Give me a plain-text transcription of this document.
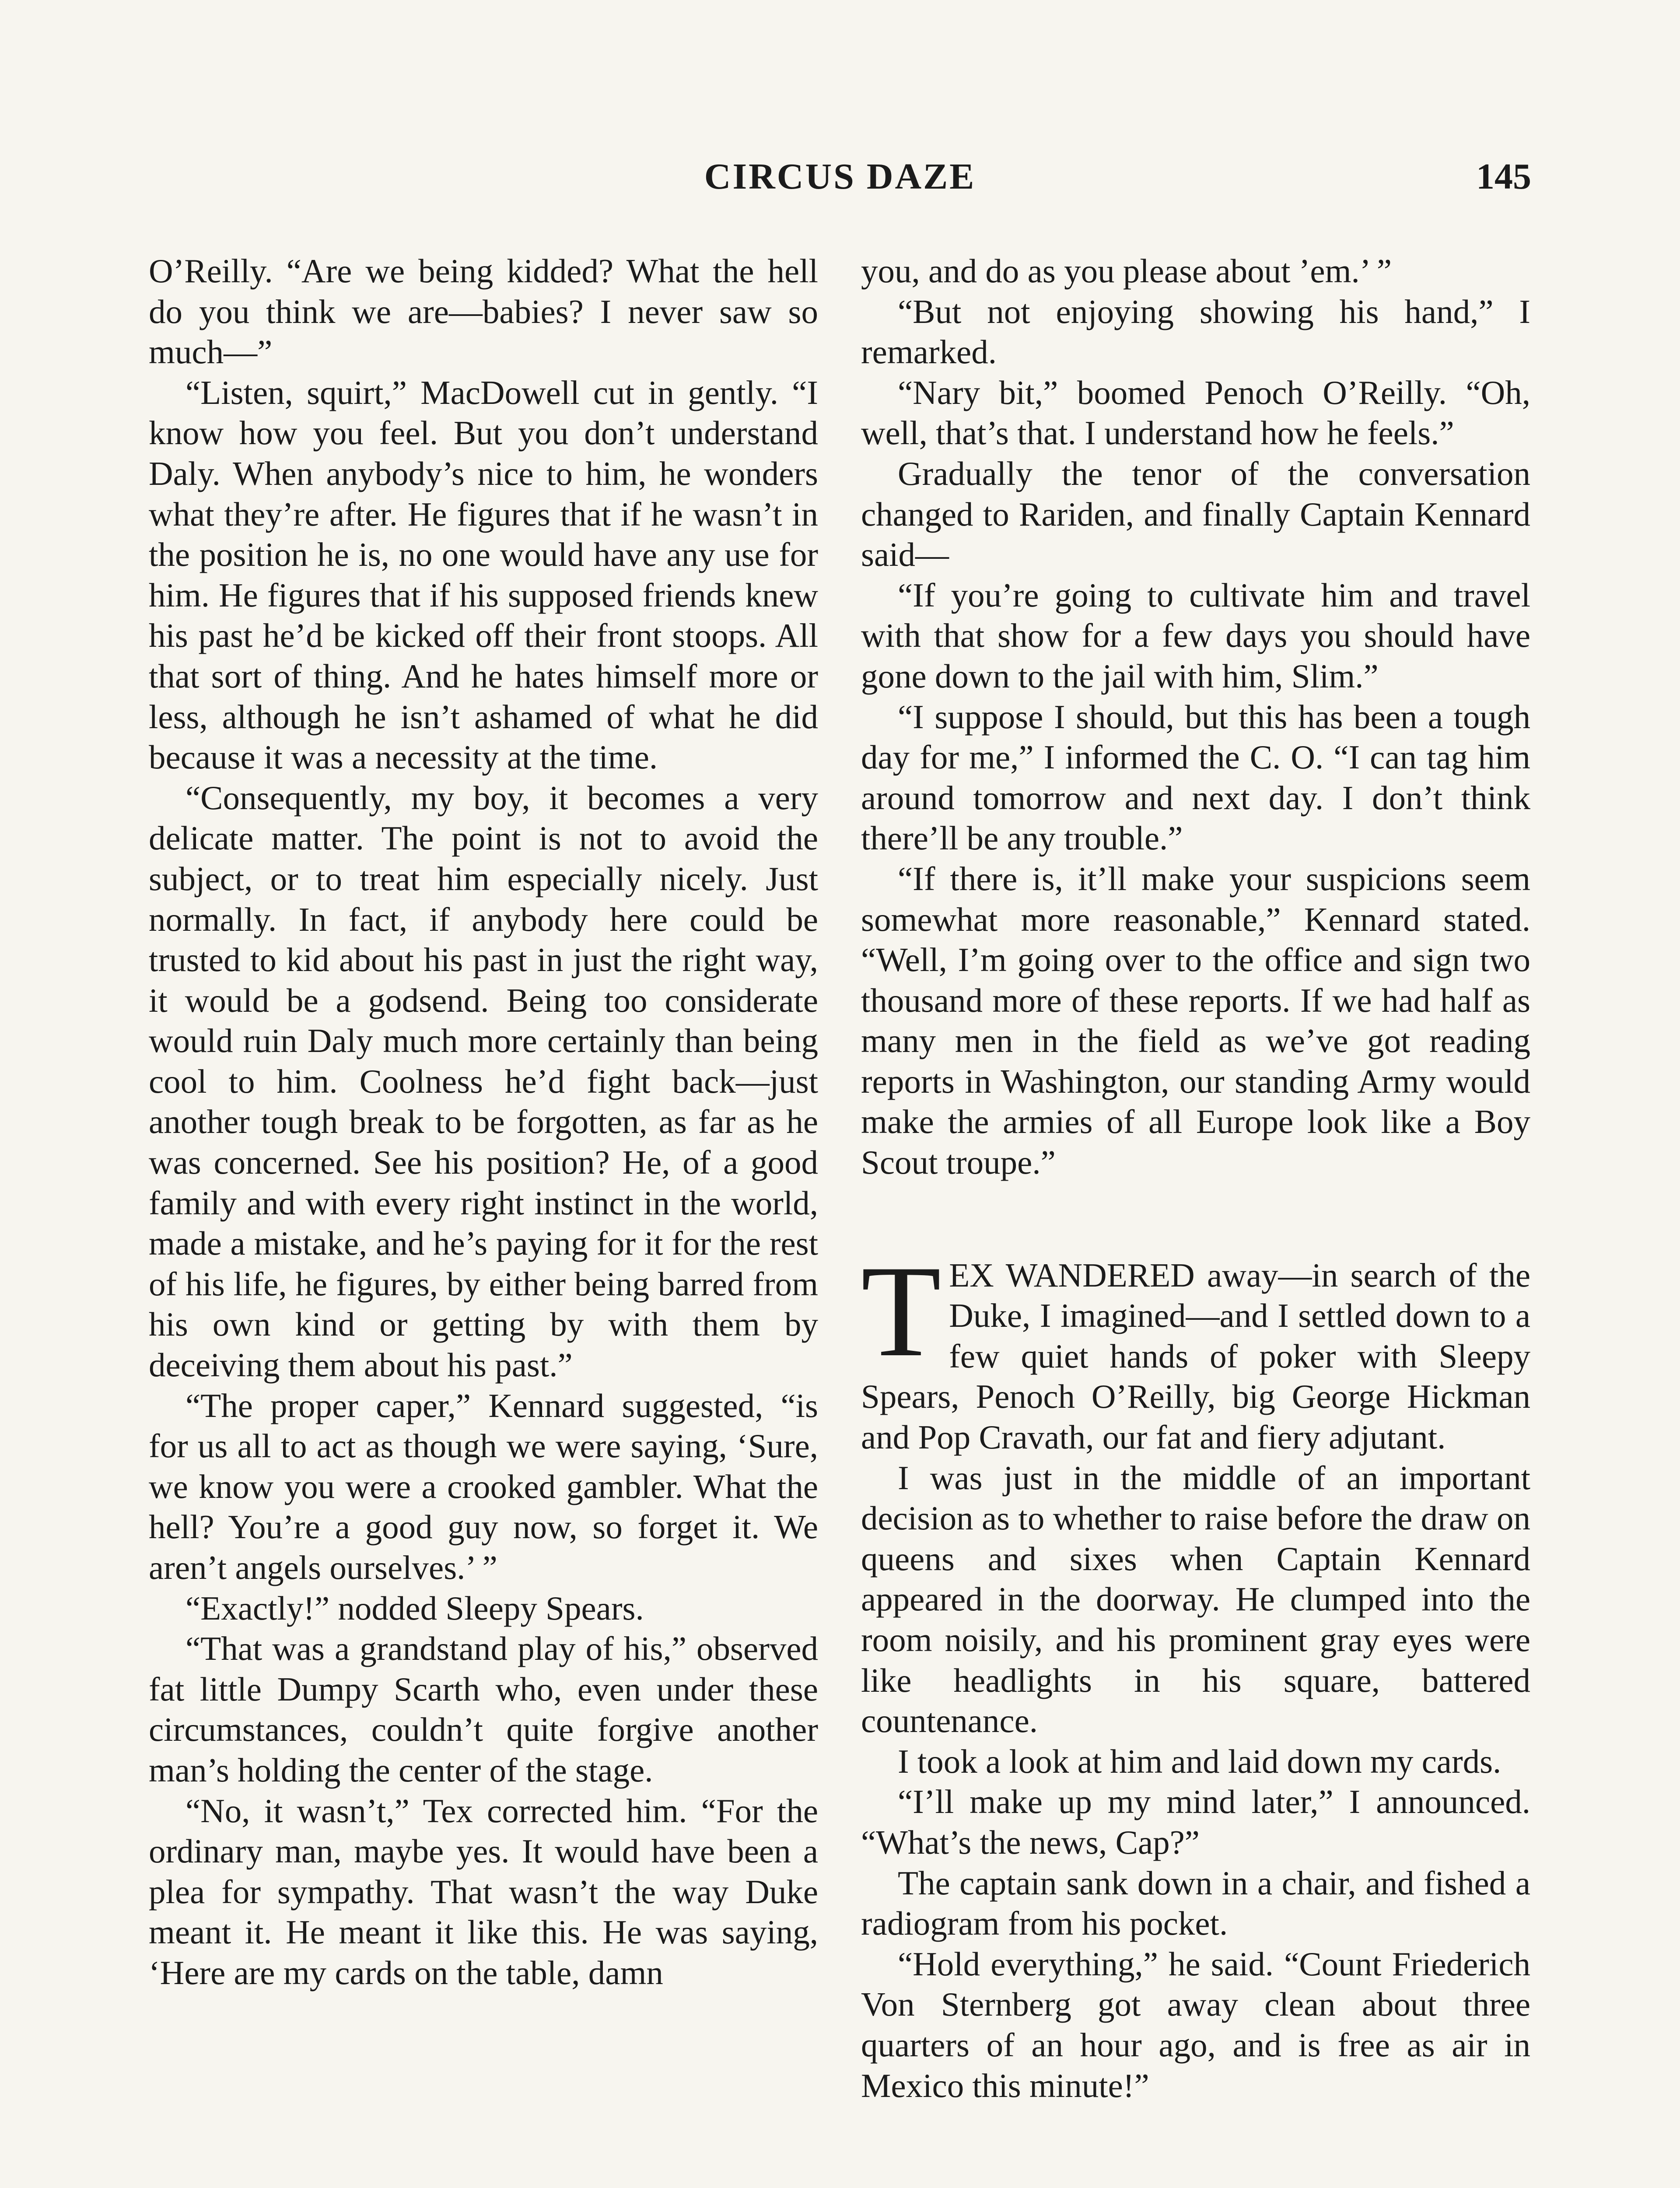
CIRCUS DAZE	145

O’Reilly. “Are we being kidded? What the hell do you think we are—babies? I never saw so much—”

“Listen, squirt,” MacDowell cut in gently. “I know how you feel. But you don’t understand Daly. When anybody’s nice to him, he wonders what they’re after. He figures that if he wasn’t in the position he is, no one would have any use for him. He figures that if his supposed friends knew his past he’d be kicked off their front stoops. All that sort of thing. And he hates himself more or less, although he isn’t ashamed of what he did because it was a necessity at the time.

“Consequently, my boy, it becomes a very delicate matter. The point is not to avoid the subject, or to treat him especially nicely. Just normally. In fact, if anybody here could be trusted to kid about his past in just the right way, it would be a godsend. Being too considerate would ruin Daly much more certainly than being cool to him. Coolness he’d fight back—just another tough break to be forgotten, as far as he was concerned. See his position? He, of a good family and with every right instinct in the world, made a mistake, and he’s paying for it for the rest of his life, he figures, by either being barred from his own kind or getting by with them by deceiving them about his past.”

“The proper caper,” Kennard suggested, “is for us all to act as though we were saying, ‘Sure, we know you were a crooked gambler. What the hell? You’re a good guy now, so forget it. We aren’t angels ourselves.’ ”

“Exactly!” nodded Sleepy Spears.

“That was a grandstand play of his,” observed fat little Dumpy Scarth who, even under these circumstances, couldn’t quite forgive another man’s holding the center of the stage.

“No, it wasn’t,” Tex corrected him. “For the ordinary man, maybe yes. It would have been a plea for sympathy. That wasn’t the way Duke meant it. He meant it like this. He was saying, ‘Here are my cards on the table, damn

you, and do as you please about ’em.’ ”

“But not enjoying showing his hand,” I remarked.

“Nary bit,” boomed Penoch O’Reilly. “Oh, well, that’s that. I understand how he feels.”

Gradually the tenor of the conversation changed to Rariden, and finally Captain Kennard said—

“If you’re going to cultivate him and travel with that show for a few days you should have gone down to the jail with him, Slim.”

“I suppose I should, but this has been a tough day for me,” I informed the C. O. “I can tag him around tomorrow and next day. I don’t think there’ll be any trouble.”

“If there is, it’ll make your suspicions seem somewhat more reasonable,” Kennard stated. “Well, I’m going over to the office and sign two thousand more of these reports. If we had half as many men in the field as we’ve got reading reports in Washington, our standing Army would make the armies of all Europe look like a Boy Scout troupe.”

TEX WANDERED away—in search of the Duke, I imagined—and I settled down to a few quiet hands of poker with Sleepy Spears, Penoch O’Reilly, big George Hickman and Pop Cravath, our fat and fiery adjutant.

I was just in the middle of an important decision as to whether to raise before the draw on queens and sixes when Captain Kennard appeared in the doorway. He clumped into the room noisily, and his prominent gray eyes were like headlights in his square, battered countenance.

I took a look at him and laid down my cards.

“I’ll make up my mind later,” I announced. “What’s the news, Cap?”

The captain sank down in a chair, and fished a radiogram from his pocket.

“Hold everything,” he said. “Count Friederich Von Sternberg got away clean about three quarters of an hour ago, and is free as air in Mexico this minute!”
